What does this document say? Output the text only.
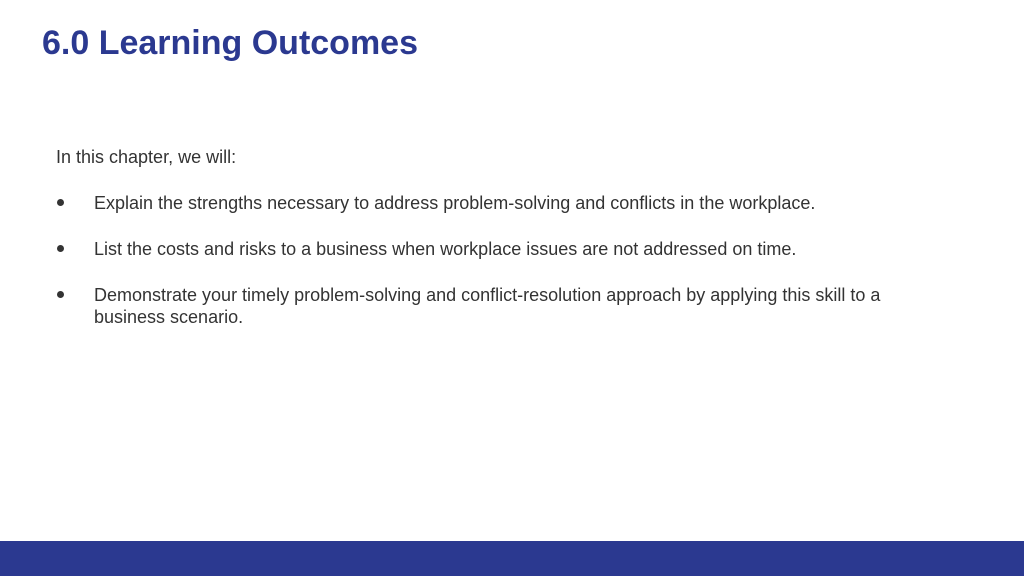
6.0 Learning Outcomes

In this chapter, we will:

Explain the strengths necessary to address problem-solving and conflicts in the workplace.
List the costs and risks to a business when workplace issues are not addressed on time.
Demonstrate your timely problem-solving and conflict-resolution approach by applying this skill to a business scenario.
